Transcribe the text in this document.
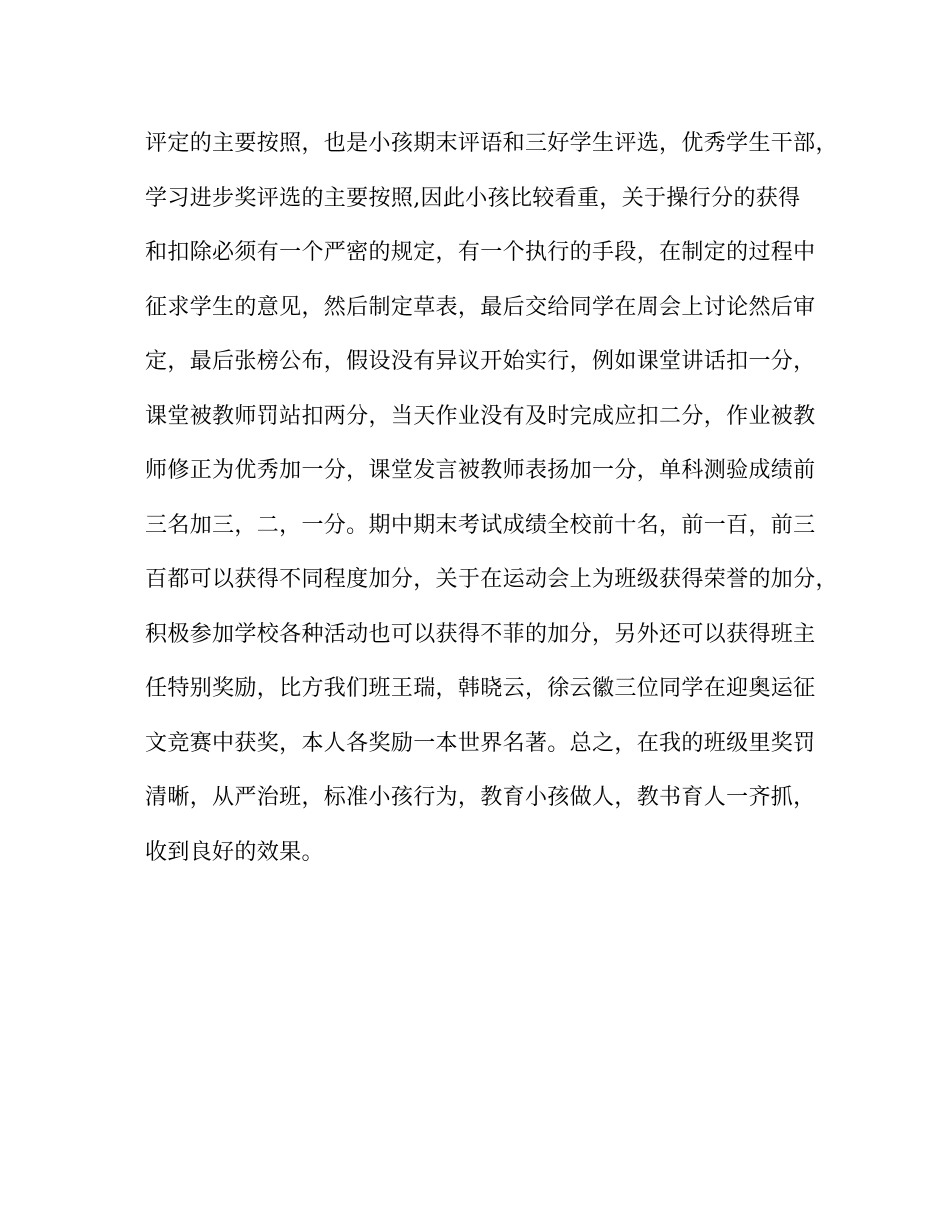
评定的主要按照，也是小孩期末评语和三好学生评选，优秀学生干部，
学习进步奖评选的主要按照,因此小孩比较看重，关于操行分的获得
和扣除必须有一个严密的规定，有一个执行的手段，在制定的过程中
征求学生的意见，然后制定草表，最后交给同学在周会上讨论然后审
定，最后张榜公布，假设没有异议开始实行，例如课堂讲话扣一分，
课堂被教师罚站扣两分，当天作业没有及时完成应扣二分，作业被教
师修正为优秀加一分，课堂发言被教师表扬加一分，单科测验成绩前
三名加三，二，一分。期中期末考试成绩全校前十名，前一百，前三
百都可以获得不同程度加分，关于在运动会上为班级获得荣誉的加分，
积极参加学校各种活动也可以获得不菲的加分，另外还可以获得班主
任特别奖励，比方我们班王瑞，韩晓云，徐云徽三位同学在迎奥运征
文竞赛中获奖，本人各奖励一本世界名著。总之，在我的班级里奖罚
清晰，从严治班，标准小孩行为，教育小孩做人，教书育人一齐抓，
收到良好的效果。
